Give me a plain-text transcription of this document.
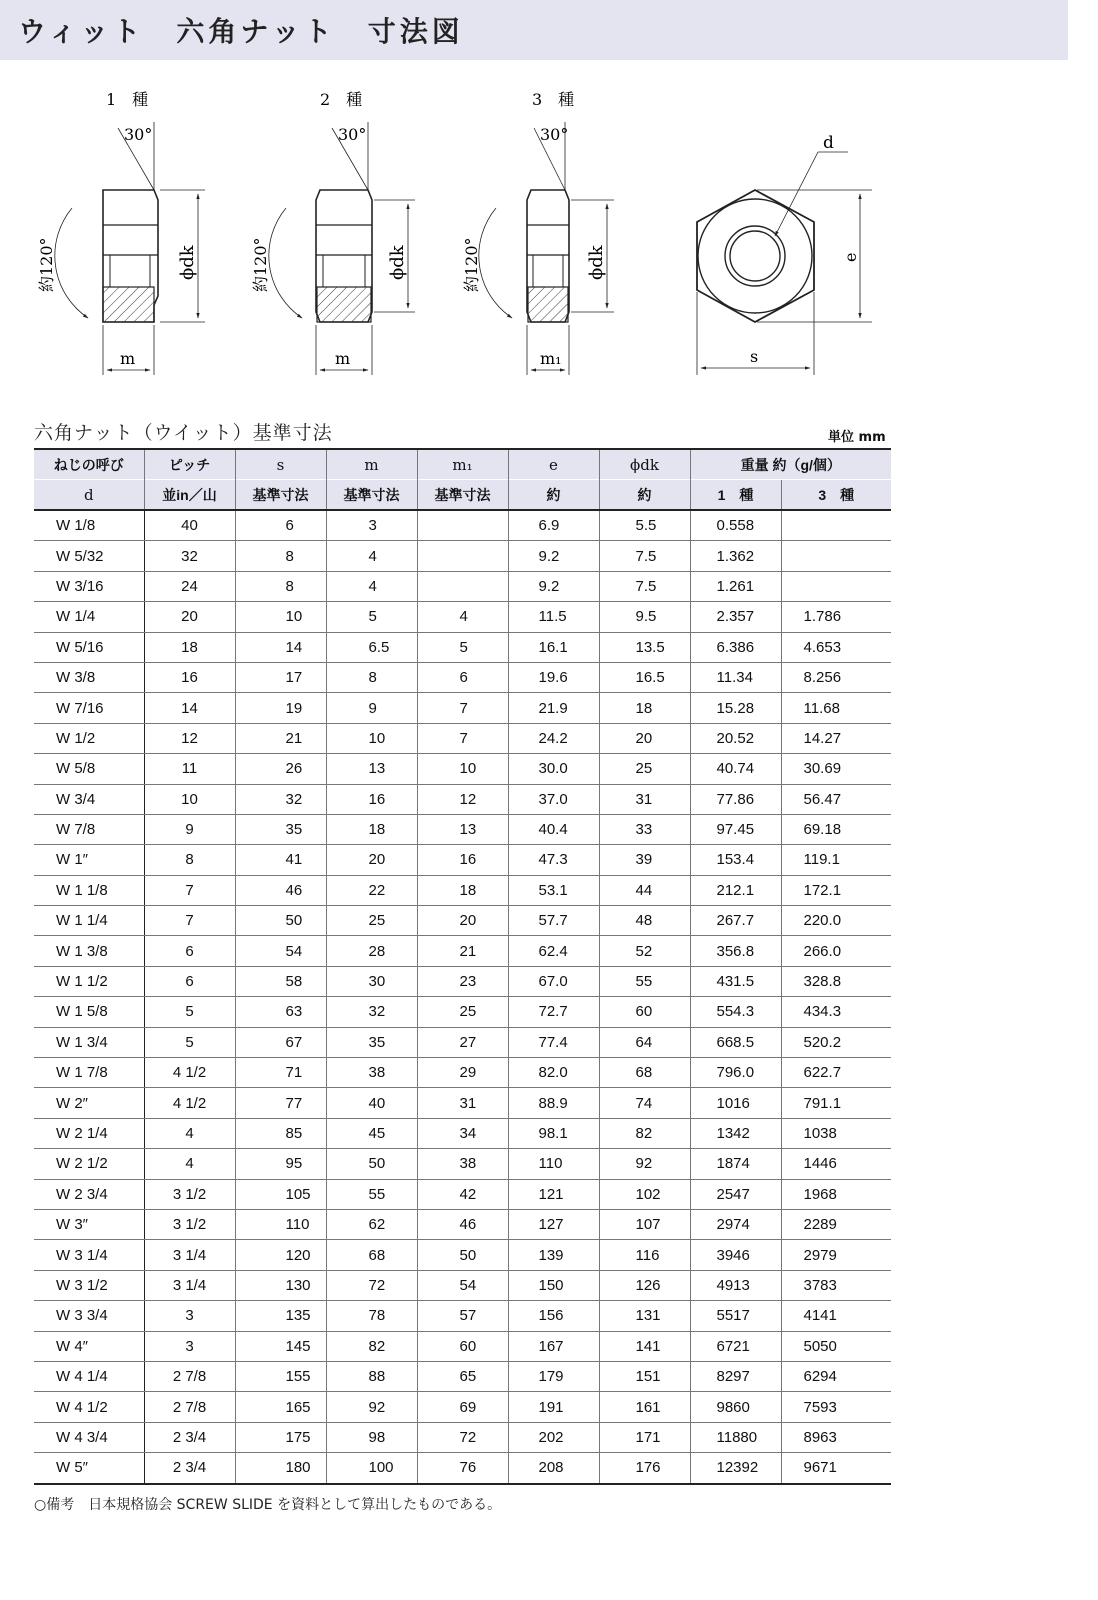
ウィット　六角ナット　寸法図
1　種
30°
約120°	ϕdk
m
2　種
30°
約120°	ϕdk
m
3　種
30°
約120°	ϕdk
m₁
d
e
s
六角ナット（ウイット）基準寸法	単位 mm
ねじの呼び	ピッチ	s	m	m₁	e	ϕdk	重量 約（g/個）	
d	並in／山	基準寸法	基準寸法	基準寸法	約	約	1　種	3　種
W 1/8	40	6	3		6.9	5.5	0.558	
W 5/32	32	8	4		9.2	7.5	1.362	
W 3/16	24	8	4		9.2	7.5	1.261	
W 1/4	20	10	5	4	11.5	9.5	2.357	1.786
W 5/16	18	14	6.5	5	16.1	13.5	6.386	4.653
W 3/8	16	17	8	6	19.6	16.5	11.34	8.256
W 7/16	14	19	9	7	21.9	18	15.28	11.68
W 1/2	12	21	10	7	24.2	20	20.52	14.27
W 5/8	11	26	13	10	30.0	25	40.74	30.69
W 3/4	10	32	16	12	37.0	31	77.86	56.47
W 7/8	9	35	18	13	40.4	33	97.45	69.18
W 1″	8	41	20	16	47.3	39	153.4	119.1
W 1 1/8	7	46	22	18	53.1	44	212.1	172.1
W 1 1/4	7	50	25	20	57.7	48	267.7	220.0
W 1 3/8	6	54	28	21	62.4	52	356.8	266.0
W 1 1/2	6	58	30	23	67.0	55	431.5	328.8
W 1 5/8	5	63	32	25	72.7	60	554.3	434.3
W 1 3/4	5	67	35	27	77.4	64	668.5	520.2
W 1 7/8	4 1/2	71	38	29	82.0	68	796.0	622.7
W 2″	4 1/2	77	40	31	88.9	74	1016	791.1
W 2 1/4	4	85	45	34	98.1	82	1342	1038
W 2 1/2	4	95	50	38	110	92	1874	1446
W 2 3/4	3 1/2	105	55	42	121	102	2547	1968
W 3″	3 1/2	110	62	46	127	107	2974	2289
W 3 1/4	3 1/4	120	68	50	139	116	3946	2979
W 3 1/2	3 1/4	130	72	54	150	126	4913	3783
W 3 3/4	3	135	78	57	156	131	5517	4141
W 4″	3	145	82	60	167	141	6721	5050
W 4 1/4	2 7/8	155	88	65	179	151	8297	6294
W 4 1/2	2 7/8	165	92	69	191	161	9860	7593
W 4 3/4	2 3/4	175	98	72	202	171	11880	8963
W 5″	2 3/4	180	100	76	208	176	12392	9671
○備考　日本規格協会 SCREW SLIDE を資料として算出したものである。
